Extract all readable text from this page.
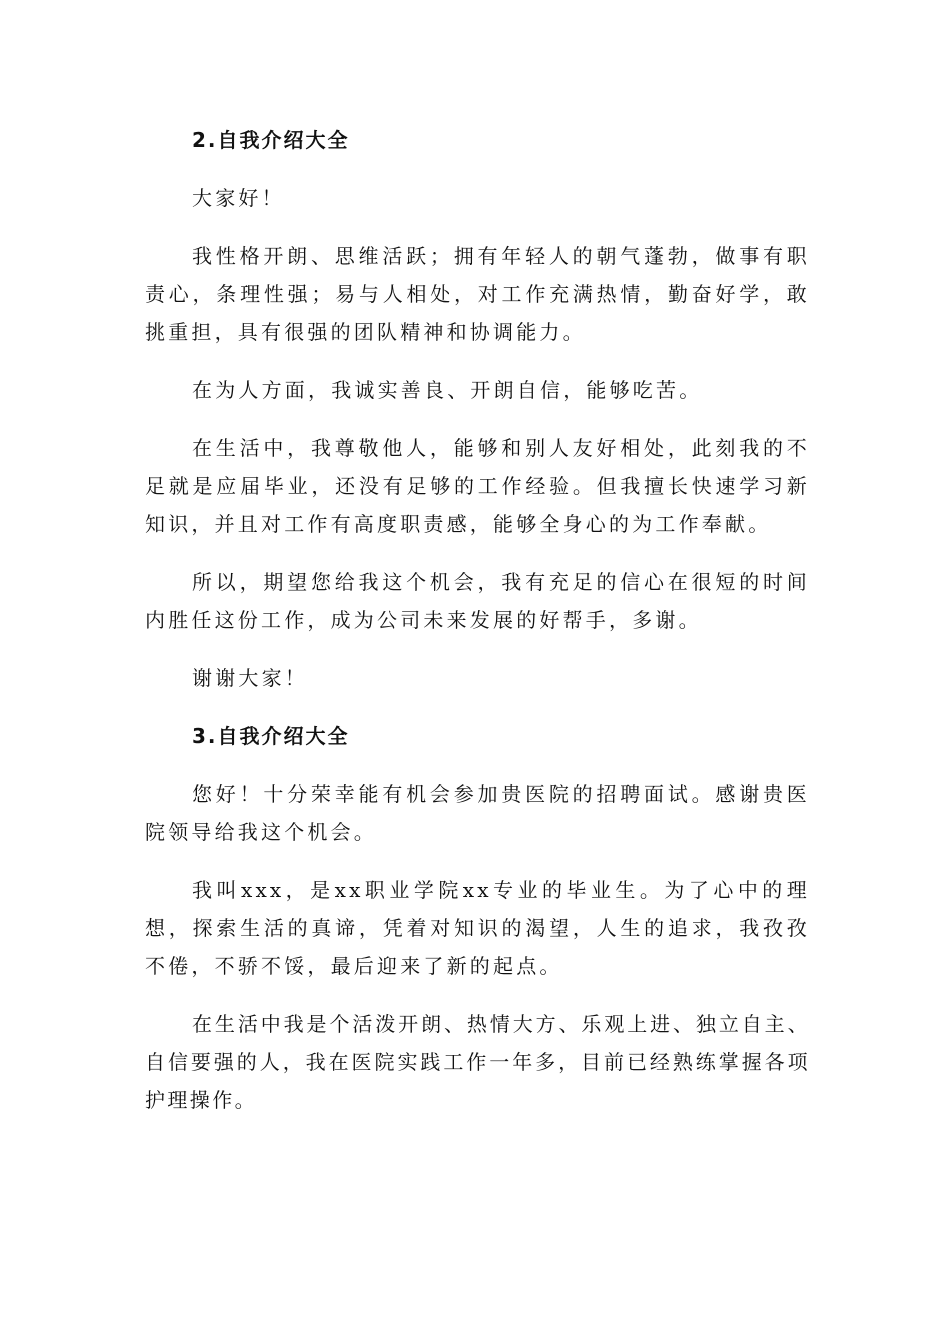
2.自我介绍大全

大家好！

我性格开朗、思维活跃；拥有年轻人的朝气蓬勃，做事有职责心，条理性强；易与人相处，对工作充满热情，勤奋好学，敢挑重担，具有很强的团队精神和协调能力。

在为人方面，我诚实善良、开朗自信，能够吃苦。

在生活中，我尊敬他人，能够和别人友好相处，此刻我的不足就是应届毕业，还没有足够的工作经验。但我擅长快速学习新知识，并且对工作有高度职责感，能够全身心的为工作奉献。

所以，期望您给我这个机会，我有充足的信心在很短的时间内胜任这份工作，成为公司未来发展的好帮手，多谢。

谢谢大家！

3.自我介绍大全

您好！十分荣幸能有机会参加贵医院的招聘面试。感谢贵医院领导给我这个机会。

我叫xxx，是xx职业学院xx专业的毕业生。为了心中的理想，探索生活的真谛，凭着对知识的渴望，人生的追求，我孜孜不倦，不骄不馁，最后迎来了新的起点。

在生活中我是个活泼开朗、热情大方、乐观上进、独立自主、自信要强的人，我在医院实践工作一年多，目前已经熟练掌握各项护理操作。
